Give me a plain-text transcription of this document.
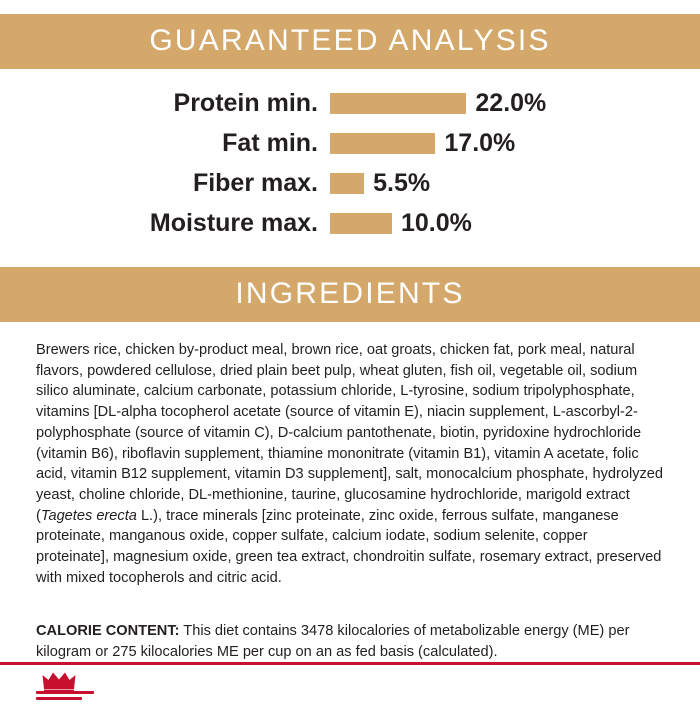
GUARANTEED ANALYSIS
Protein min.	22.0%
Fat min.	17.0%
Fiber max.	5.5%
Moisture max.	10.0%
INGREDIENTS

Brewers rice, chicken by-product meal, brown rice, oat groats, chicken fat, pork meal, natural flavors, powdered cellulose, dried plain beet pulp, wheat gluten, fish oil, vegetable oil, sodium silico aluminate, calcium carbonate, potassium chloride, L-tyrosine, sodium tripolyphosphate, vitamins [DL-alpha tocopherol acetate (source of vitamin E), niacin supplement, L-ascorbyl-2-polyphosphate (source of vitamin C), D-calcium pantothenate, biotin, pyridoxine hydrochloride (vitamin B6), riboflavin supplement, thiamine mononitrate (vitamin B1), vitamin A acetate, folic acid, vitamin B12 supplement, vitamin D3 supplement], salt, monocalcium phosphate, hydrolyzed yeast, choline chloride, DL-methionine, taurine, glucosamine hydrochloride, marigold extract (Tagetes erecta L.), trace minerals [zinc proteinate, zinc oxide, ferrous sulfate, manganese proteinate, manganous oxide, copper sulfate, calcium iodate, sodium selenite, copper proteinate], magnesium oxide, green tea extract, chondroitin sulfate, rosemary extract, preserved with mixed tocopherols and citric acid.

CALORIE CONTENT: This diet contains 3478 kilocalories of metabolizable energy (ME) per kilogram or 275 kilocalories ME per cup on an as fed basis (calculated).
